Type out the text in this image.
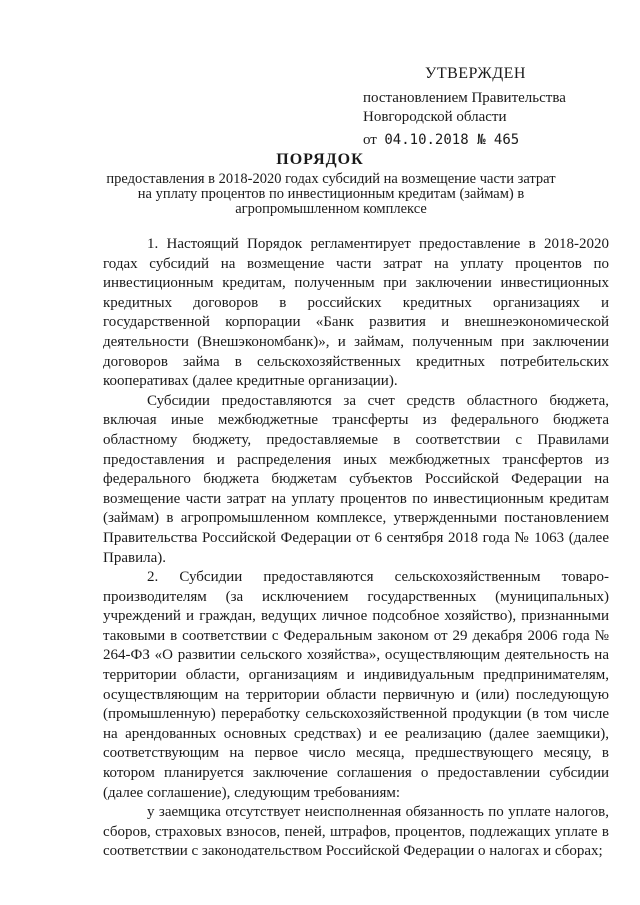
УТВЕРЖДЕН
постановлением Правительства
Новгородской области
от 04.10.2018 № 465
ПОРЯДОК
предоставления в 2018-2020 годах субсидий на возмещение части затрат на уплату процентов по инвестиционным кредитам (займам) в агропромышленном комплексе

1. Настоящий Порядок регламентирует предоставление в 2018-2020 годах субсидий на возмещение части затрат на уплату процентов по инвестиционным кредитам, полученным при заключении инвестиционных кредитных договоров в российских кредитных организациях и государственной корпорации «Банк развития и внешнеэкономической деятельности (Внешэкономбанк)», и займам, полученным при заключении договоров займа в сельскохозяйственных кредитных потребительских кооперативах (далее кредитные организации).

Субсидии предоставляются за счет средств областного бюджета, включая иные межбюджетные трансферты из федерального бюджета областному бюджету, предоставляемые в соответствии с Правилами предоставления и распределения иных межбюджетных трансфертов из федерального бюджета бюджетам субъектов Российской Федерации на возмещение части затрат на уплату процентов по инвестиционным кредитам (займам) в агропромышленном комплексе, утвержденными постановлением Правительства Российской Федерации от 6 сентября 2018 года № 1063 (далее Правила).

2. Субсидии предоставляются сельскохозяйственным товаро-производителям (за исключением государственных (муниципальных) учреждений и граждан, ведущих личное подсобное хозяйство), признанными таковыми в соответствии с Федеральным законом от 29 декабря 2006 года № 264-ФЗ «О развитии сельского хозяйства», осуществляющим деятельность на территории области, организациям и индивидуальным предпринимателям, осуществляющим на территории области первичную и (или) последующую (промышленную) переработку сельскохозяйственной продукции (в том числе на арендованных основных средствах) и ее реализацию (далее заемщики), соответствующим на первое число месяца, предшествующего месяцу, в котором планируется заключение соглашения о предоставлении субсидии (далее соглашение), следующим требованиям:

у заемщика отсутствует неисполненная обязанность по уплате налогов, сборов, страховых взносов, пеней, штрафов, процентов, подлежащих уплате в соответствии с законодательством Российской Федерации о налогах и сборах;
